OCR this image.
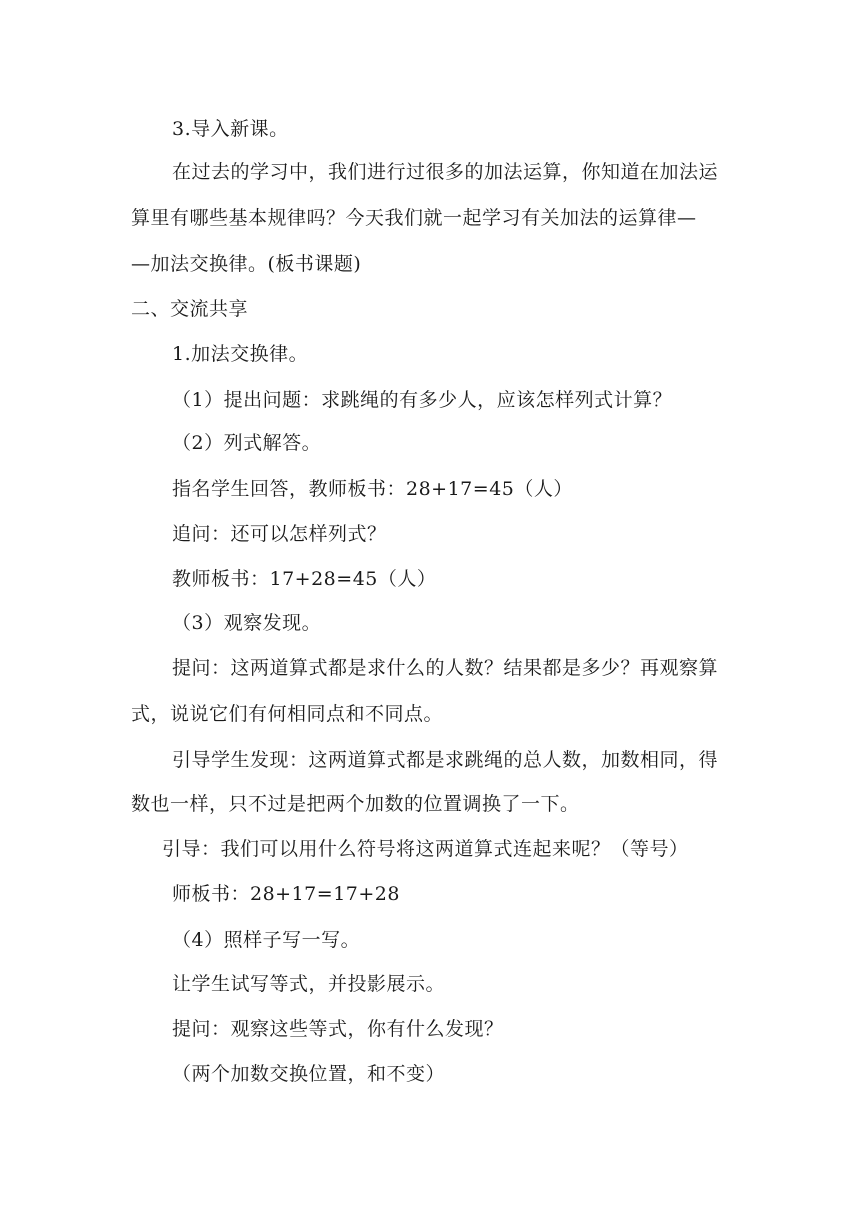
3.导入新课。
在过去的学习中，我们进行过很多的加法运算，你知道在加法运
算里有哪些基本规律吗？今天我们就一起学习有关加法的运算律—
—加法交换律。(板书课题)
二、交流共享
1.加法交换律。
（1）提出问题：求跳绳的有多少人，应该怎样列式计算？
（2）列式解答。
指名学生回答，教师板书：28+17=45（人）
追问：还可以怎样列式？
教师板书：17+28=45（人）
（3）观察发现。
提问：这两道算式都是求什么的人数？结果都是多少？再观察算
式，说说它们有何相同点和不同点。
引导学生发现：这两道算式都是求跳绳的总人数，加数相同，得
数也一样，只不过是把两个加数的位置调换了一下。
引导：我们可以用什么符号将这两道算式连起来呢？（等号）
师板书：28+17=17+28
（4）照样子写一写。
让学生试写等式，并投影展示。
提问：观察这些等式，你有什么发现？
（两个加数交换位置，和不变）
